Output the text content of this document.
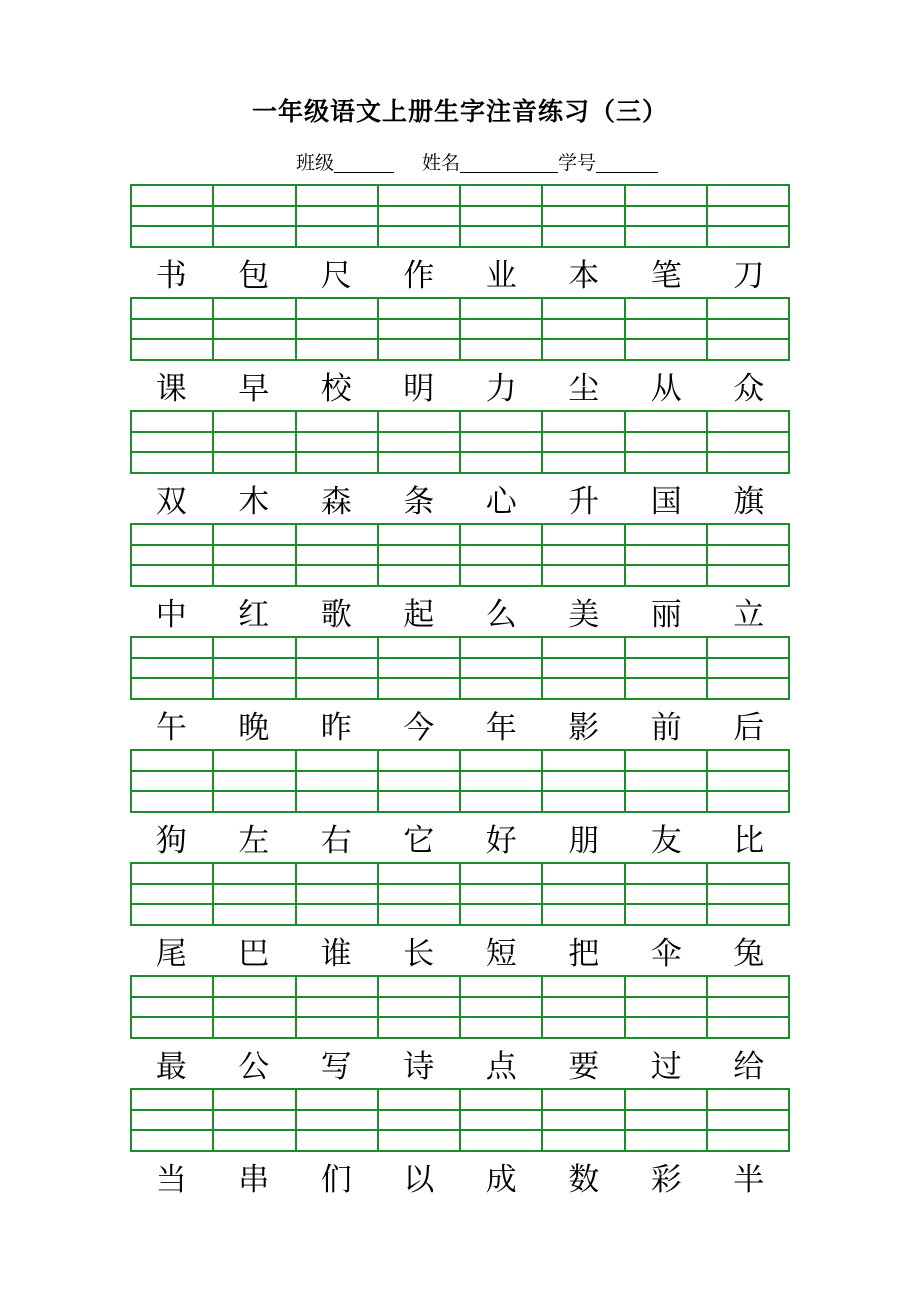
一年级语文上册生字注音练习（三）
班级	姓名	学号
书	包	尺	作	业	本	笔	刀
课	早	校	明	力	尘	从	众
双	木	森	条	心	升	国	旗
中	红	歌	起	么	美	丽	立
午	晚	昨	今	年	影	前	后
狗	左	右	它	好	朋	友	比
尾	巴	谁	长	短	把	伞	兔
最	公	写	诗	点	要	过	给
当	串	们	以	成	数	彩	半
